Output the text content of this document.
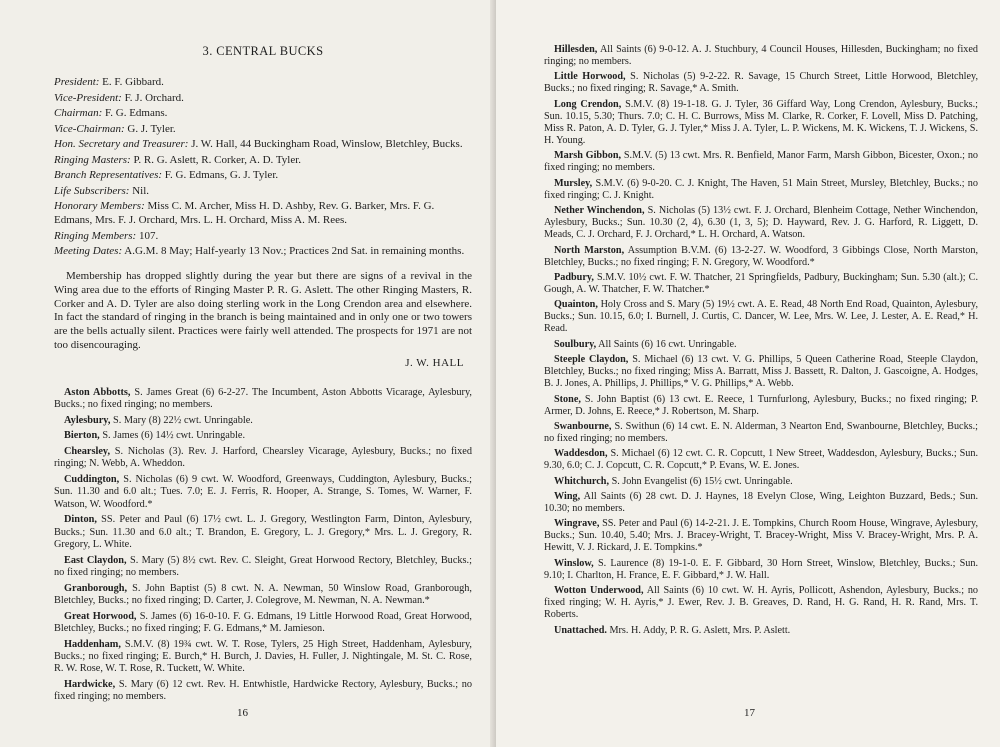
3. CENTRAL BUCKS

President: E. F. Gibbard.

Vice-President: F. J. Orchard.

Chairman: F. G. Edmans.

Vice-Chairman: G. J. Tyler.

Hon. Secretary and Treasurer: J. W. Hall, 44 Buckingham Road, Winslow, Bletchley, Bucks.

Ringing Masters: P. R. G. Aslett, R. Corker, A. D. Tyler.

Branch Representatives: F. G. Edmans, G. J. Tyler.

Life Subscribers: Nil.

Honorary Members: Miss C. M. Archer, Miss H. D. Ashby, Rev. G. Barker, Mrs. F. G. Edmans, Mrs. F. J. Orchard, Mrs. L. H. Orchard, Miss A. M. Rees.

Ringing Members: 107.

Meeting Dates: A.G.M. 8 May; Half-yearly 13 Nov.; Practices 2nd Sat. in remaining months.

Membership has dropped slightly during the year but there are signs of a revival in the Wing area due to the efforts of Ringing Master P. R. G. Aslett. The other Ringing Masters, R. Corker and A. D. Tyler are also doing sterling work in the Long Crendon area and elsewhere. In fact the standard of ringing in the branch is being maintained and in only one or two towers are the bells actually silent. Practices were fairly well attended. The prospects for 1971 are not too disencouraging.

J. W. HALL

Aston Abbotts, S. James Great (6) 6-2-27. The Incumbent, Aston Abbotts Vicarage, Aylesbury, Bucks.; no fixed ringing; no members.

Aylesbury, S. Mary (8) 22½ cwt. Unringable.

Bierton, S. James (6) 14½ cwt. Unringable.

Chearsley, S. Nicholas (3). Rev. J. Harford, Chearsley Vicarage, Aylesbury, Bucks.; no fixed ringing; N. Webb, A. Wheddon.

Cuddington, S. Nicholas (6) 9 cwt. W. Woodford, Greenways, Cuddington, Aylesbury, Bucks.; Sun. 11.30 and 6.0 alt.; Tues. 7.0; E. J. Ferris, R. Hooper, A. Strange, S. Tomes, W. Warner, F. Watson, W. Woodford.*

Dinton, SS. Peter and Paul (6) 17½ cwt. L. J. Gregory, Westlington Farm, Dinton, Aylesbury, Bucks.; Sun. 11.30 and 6.0 alt.; T. Brandon, E. Gregory, L. J. Gregory,* Mrs. L. J. Gregory, R. Gregory, L. White.

East Claydon, S. Mary (5) 8½ cwt. Rev. C. Sleight, Great Horwood Rectory, Bletchley, Bucks.; no fixed ringing; no members.

Granborough, S. John Baptist (5) 8 cwt. N. A. Newman, 50 Winslow Road, Granborough, Bletchley, Bucks.; no fixed ringing; D. Carter, J. Colegrove, M. Newman, N. A. Newman.*

Great Horwood, S. James (6) 16-0-10. F. G. Edmans, 19 Little Horwood Road, Great Horwood, Bletchley, Bucks.; no fixed ringing; F. G. Edmans,* M. Jamieson.

Haddenham, S.M.V. (8) 19¾ cwt. W. T. Rose, Tylers, 25 High Street, Haddenham, Aylesbury, Bucks.; no fixed ringing; E. Burch,* H. Burch, J. Davies, H. Fuller, J. Nightingale, M. St. C. Rose, R. W. Rose, W. T. Rose, R. Tuckett, W. White.

Hardwicke, S. Mary (6) 12 cwt. Rev. H. Entwhistle, Hardwicke Rectory, Aylesbury, Bucks.; no fixed ringing; no members.

16

Hillesden, All Saints (6) 9-0-12. A. J. Stuchbury, 4 Council Houses, Hillesden, Buckingham; no fixed ringing; no members.

Little Horwood, S. Nicholas (5) 9-2-22. R. Savage, 15 Church Street, Little Horwood, Bletchley, Bucks.; no fixed ringing; R. Savage,* A. Smith.

Long Crendon, S.M.V. (8) 19-1-18. G. J. Tyler, 36 Giffard Way, Long Crendon, Aylesbury, Bucks.; Sun. 10.15, 5.30; Thurs. 7.0; C. H. C. Burrows, Miss M. Clarke, R. Corker, F. Lovell, Miss D. Patching, Miss R. Paton, A. D. Tyler, G. J. Tyler,* Miss J. A. Tyler, L. P. Wickens, M. K. Wickens, T. J. Wickens, S. H. Young.

Marsh Gibbon, S.M.V. (5) 13 cwt. Mrs. R. Benfield, Manor Farm, Marsh Gibbon, Bicester, Oxon.; no fixed ringing; no members.

Mursley, S.M.V. (6) 9-0-20. C. J. Knight, The Haven, 51 Main Street, Mursley, Bletchley, Bucks.; no fixed ringing; C. J. Knight.

Nether Winchendon, S. Nicholas (5) 13½ cwt. F. J. Orchard, Blenheim Cottage, Nether Winchendon, Aylesbury, Bucks.; Sun. 10.30 (2, 4), 6.30 (1, 3, 5); D. Hayward, Rev. J. G. Harford, R. Liggett, D. Meads, C. J. Orchard, F. J. Orchard,* L. H. Orchard, A. Watson.

North Marston, Assumption B.V.M. (6) 13-2-27. W. Woodford, 3 Gibbings Close, North Marston, Bletchley, Bucks.; no fixed ringing; F. N. Gregory, W. Woodford.*

Padbury, S.M.V. 10½ cwt. F. W. Thatcher, 21 Springfields, Padbury, Buckingham; Sun. 5.30 (alt.); C. Gough, A. W. Thatcher, F. W. Thatcher.*

Quainton, Holy Cross and S. Mary (5) 19½ cwt. A. E. Read, 48 North End Road, Quainton, Aylesbury, Bucks.; Sun. 10.15, 6.0; I. Burnell, J. Curtis, C. Dancer, W. Lee, Mrs. W. Lee, J. Lester, A. E. Read,* H. Read.

Soulbury, All Saints (6) 16 cwt. Unringable.

Steeple Claydon, S. Michael (6) 13 cwt. V. G. Phillips, 5 Queen Catherine Road, Steeple Claydon, Bletchley, Bucks.; no fixed ringing; Miss A. Barratt, Miss J. Bassett, R. Dalton, J. Gascoigne, A. Hodges, B. J. Jones, A. Phillips, J. Phillips,* V. G. Phillips,* A. Webb.

Stone, S. John Baptist (6) 13 cwt. E. Reece, 1 Turnfurlong, Aylesbury, Bucks.; no fixed ringing; P. Armer, D. Johns, E. Reece,* J. Robertson, M. Sharp.

Swanbourne, S. Swithun (6) 14 cwt. E. N. Alderman, 3 Nearton End, Swanbourne, Bletchley, Bucks.; no fixed ringing; no members.

Waddesdon, S. Michael (6) 12 cwt. C. R. Copcutt, 1 New Street, Waddesdon, Aylesbury, Bucks.; Sun. 9.30, 6.0; C. J. Copcutt, C. R. Copcutt,* P. Evans, W. E. Jones.

Whitchurch, S. John Evangelist (6) 15½ cwt. Unringable.

Wing, All Saints (6) 28 cwt. D. J. Haynes, 18 Evelyn Close, Wing, Leighton Buzzard, Beds.; Sun. 10.30; no members.

Wingrave, SS. Peter and Paul (6) 14-2-21. J. E. Tompkins, Church Room House, Wingrave, Aylesbury, Bucks.; Sun. 10.40, 5.40; Mrs. J. Bracey-Wright, T. Bracey-Wright, Miss V. Bracey-Wright, Mrs. P. A. Hewitt, V. J. Rickard, J. E. Tompkins.*

Winslow, S. Laurence (8) 19-1-0. E. F. Gibbard, 30 Horn Street, Winslow, Bletchley, Bucks.; Sun. 9.10; I. Charlton, H. France, E. F. Gibbard,* J. W. Hall.

Wotton Underwood, All Saints (6) 10 cwt. W. H. Ayris, Pollicott, Ashendon, Aylesbury, Bucks.; no fixed ringing; W. H. Ayris,* J. Ewer, Rev. J. B. Greaves, D. Rand, H. G. Rand, H. R. Rand, Mrs. T. Roberts.

Unattached. Mrs. H. Addy, P. R. G. Aslett, Mrs. P. Aslett.

17
